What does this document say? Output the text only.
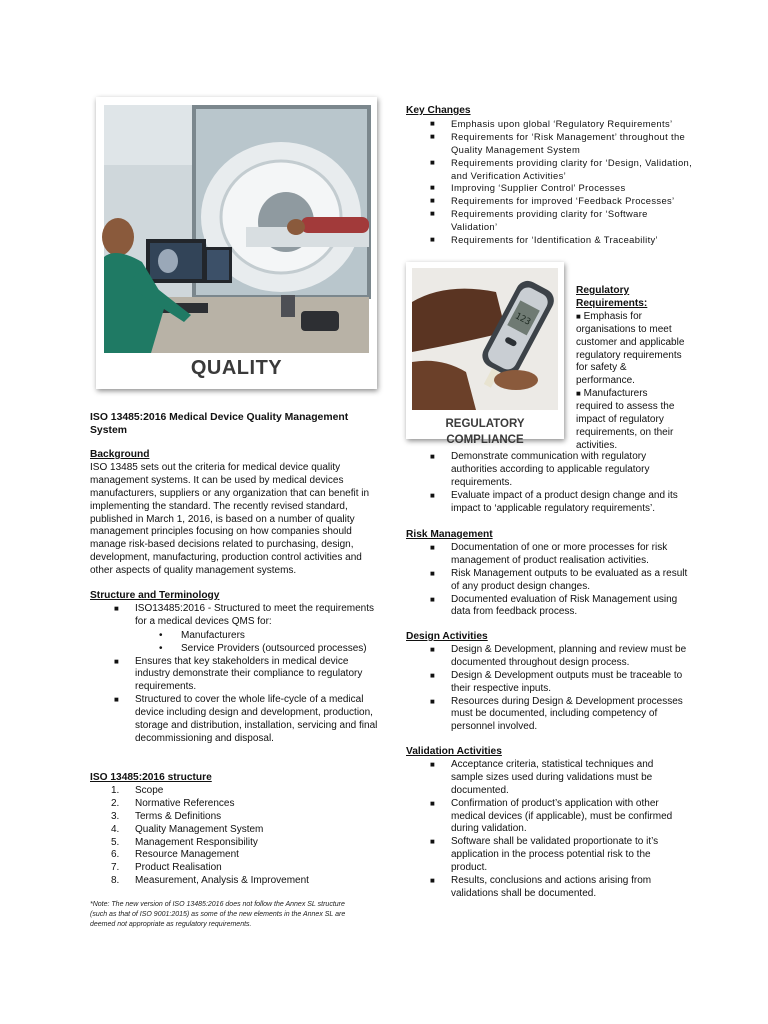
QUALITY
123
REGULATORY COMPLIANCE
ISO 13485:2016 Medical Device Quality Management System
Background
ISO 13485 sets out the criteria for medical device quality management systems. It can be used by medical devices manufacturers, suppliers or any organization that can benefit in implementing the standard. The recently revised standard, published in March 1, 2016, is based on a number of quality management principles focusing on how companies should manage risk-based decisions related to purchasing, design, development, manufacturing, production control activities and other aspects of quality management systems.
Structure and Terminology
■ ISO13485:2016 - Structured to meet the requirements for a medical devices QMS for:
• Manufacturers
• Service Providers (outsourced processes)
■ Ensures that key stakeholders in medical device industry demonstrate their compliance to regulatory requirements.
■ Structured to cover the whole life-cycle of a medical device including design and development, production, storage and distribution, installation, servicing and final decommissioning and disposal.
ISO 13485:2016 structure
1. Scope
2. Normative References
3. Terms & Definitions
4. Quality Management System
5. Management Responsibility
6. Resource Management
7. Product Realisation
8. Measurement, Analysis & Improvement
*Note: The new version of ISO 13485:2016 does not follow the Annex SL structure (such as that of ISO 9001:2015) as some of the new elements in the Annex SL are deemed not appropriate as regulatory requirements.
Key Changes
■ Emphasis upon global ‘Regulatory Requirements’
■ Requirements for ‘Risk Management’ throughout the Quality Management System
■ Requirements providing clarity for ‘Design, Validation, and Verification Activities’
■ Improving ‘Supplier Control’ Processes
■ Requirements for improved ‘Feedback Processes’
■ Requirements providing clarity for ‘Software Validation’
■ Requirements for ‘Identification & Traceability’
Regulatory Requirements:
■ Emphasis for organisations to meet customer and applicable regulatory requirements for safety & performance.
■ Manufacturers required to assess the impact of regulatory requirements, on their activities.
■ Demonstrate communication with regulatory authorities according to applicable regulatory requirements.
■ Evaluate impact of a product design change and its impact to ‘applicable regulatory requirements’.
Risk Management
■ Documentation of one or more processes for risk management of product realisation activities.
■ Risk Management outputs to be evaluated as a result of any product design changes.
■ Documented evaluation of Risk Management using data from feedback process.
Design Activities
■ Design & Development, planning and review must be documented throughout design process.
■ Design & Development outputs must be traceable to their respective inputs.
■ Resources during Design & Development processes must be documented, including competency of personnel involved.
Validation Activities
■ Acceptance criteria, statistical techniques and sample sizes used during validations must be documented.
■ Confirmation of product’s application with other medical devices (if applicable), must be confirmed during validation.
■ Software shall be validated proportionate to it’s application in the process potential risk to the product.
■ Results, conclusions and actions arising from validations shall be documented.
